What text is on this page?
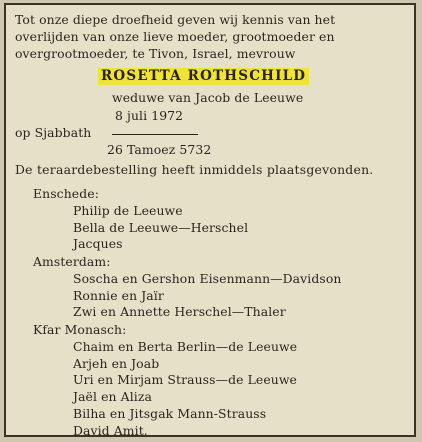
Tot onze diepe droefheid geven wij kennis van het
overlijden van onze lieve moeder, grootmoeder en
overgrootmoeder, te Tivon, Israel, mevrouw
ROSETTA ROTHSCHILD
weduwe van Jacob de Leeuwe
8 juli 1972
op Sjabbath
26 Tamoez 5732
De teraardebestelling heeft inmiddels plaatsgevonden.
Enschede:
Philip de Leeuwe
Bella de Leeuwe—Herschel
Jacques
Amsterdam:
Soscha en Gershon Eisenmann—Davidson
Ronnie en Jaïr
Zwi en Annette Herschel—Thaler
Kfar Monasch:
Chaim en Berta Berlin—de Leeuwe
Arjeh en Joab
Uri en Mirjam Strauss—de Leeuwe
Jaël en Aliza
Bilha en Jitsgak Mann-Strauss
David Amit.
